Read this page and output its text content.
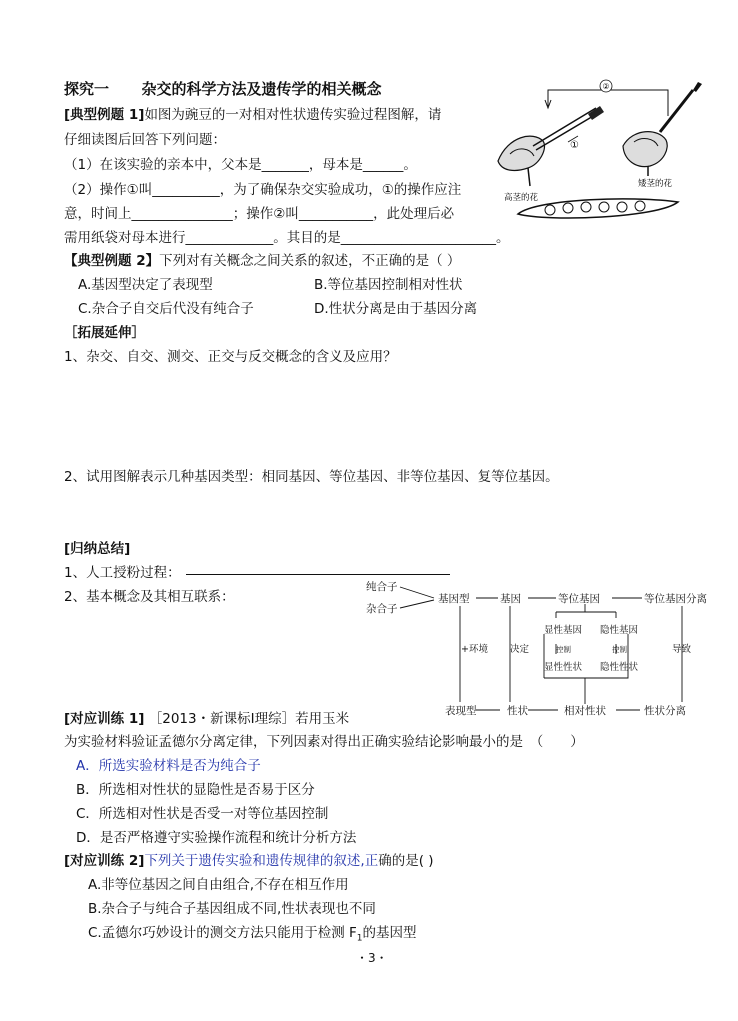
探究一 杂交的科学方法及遗传学的相关概念
[典型例题 1]如图为豌豆的一对相对性状遗传实验过程图解，请
仔细读图后回答下列问题：
（1）在该实验的亲本中，父本是_______，母本是______。
（2）操作①叫__________，为了确保杂交实验成功，①的操作应注
意，时间上_______________；操作②叫___________，此处理后必
需用纸袋对母本进行_____________。其目的是_______________________。
②
①
高茎的花
矮茎的花
【典型例题 2】下列对有关概念之间关系的叙述，不正确的是（ ）
A.基因型决定了表现型	B.等位基因控制相对性状
C.杂合子自交后代没有纯合子	D.性状分离是由于基因分离
［拓展延伸］
1、杂交、自交、测交、正交与反交概念的含义及应用？
2、试用图解表示几种基因类型：相同基因、等位基因、非等位基因、复等位基因。
[归纳总结]
1、人工授粉过程：
2、基本概念及其相互联系：
纯合子
杂合子
基因型	基因	等位基因	等位基因分离
表现型	性状	相对性状	性状分离
显性基因 隐性基因
显性性状 隐性性状
控制	控制
+环境 决定	导致
[对应训练 1] ［2013・新课标Ⅰ理综］若用玉米
为实验材料验证孟德尔分离定律，下列因素对得出正确实验结论影响最小的是　（　　）
A．所选实验材料是否为纯合子
B．所选相对性状的显隐性是否易于区分
C．所选相对性状是否受一对等位基因控制
D．是否严格遵守实验操作流程和统计分析方法
[对应训练 2]下列关于遗传实验和遗传规律的叙述,正确的是( )
A.非等位基因之间自由组合,不存在相互作用
B.杂合子与纯合子基因组成不同,性状表现也不同
C.孟德尔巧妙设计的测交方法只能用于检测 $F_1$的基因型
・3・
